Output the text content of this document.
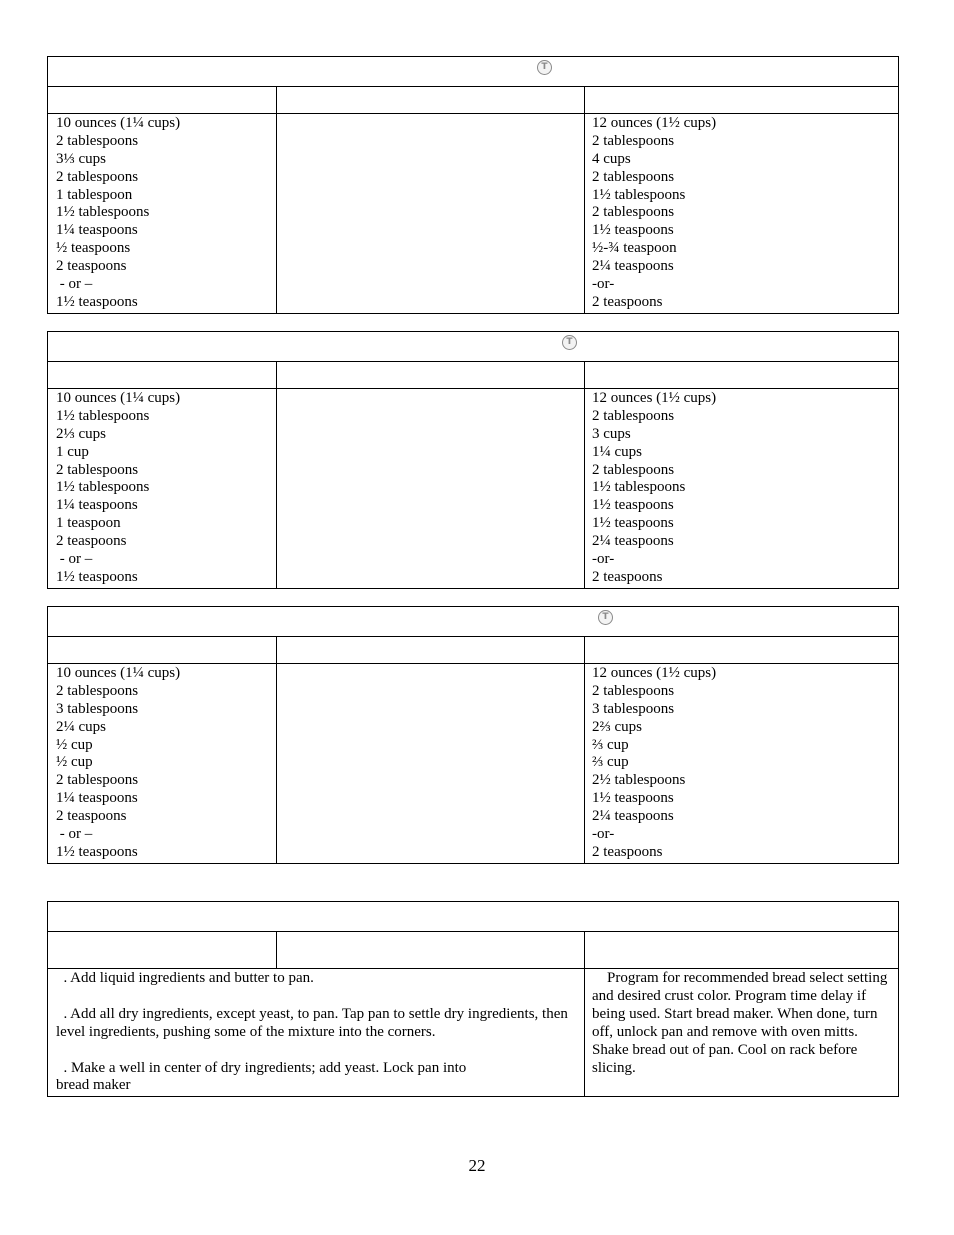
T
10 ounces (1¼ cups)
2 tablespoons
3⅓ cups
2 tablespoons
1 tablespoon
1½ tablespoons
1¼ teaspoons
½ teaspoons
2 teaspoons
- or –
1½ teaspoons
12 ounces (1½ cups)
2 tablespoons
4 cups
2 tablespoons
1½ tablespoons
2 tablespoons
1½ teaspoons
½-¾ teaspoon
2¼ teaspoons
-or-
2 teaspoons
T
10 ounces (1¼ cups)
1½ tablespoons
2⅓ cups
1 cup
2 tablespoons
1½ tablespoons
1¼ teaspoons
1 teaspoon
2 teaspoons
- or –
1½ teaspoons
12 ounces (1½ cups)
2 tablespoons
3 cups
1¼ cups
2 tablespoons
1½ tablespoons
1½ teaspoons
1½ teaspoons
2¼ teaspoons
-or-
2 teaspoons
T
10 ounces (1¼ cups)
2 tablespoons
3 tablespoons
2¼ cups
½ cup
½ cup
2 tablespoons
1¼ teaspoons
2 teaspoons
- or –
1½ teaspoons
12 ounces (1½ cups)
2 tablespoons
3 tablespoons
2⅔ cups
⅔ cup
⅔ cup
2½ tablespoons
1½ teaspoons
2¼ teaspoons
-or-
2 teaspoons
. Add liquid ingredients and butter to pan.
. Add all dry ingredients, except yeast, to pan. Tap pan to settle dry ingredients, then level ingredients, pushing some of the mixture into the corners.
. Make a well in center of dry ingredients; add yeast. Lock pan into bread maker
Program for recommended bread select setting and desired crust color. Program time delay if being used. Start bread maker. When done, turn off, unlock pan and remove with oven mitts. Shake bread out of pan. Cool on rack before slicing.
22
